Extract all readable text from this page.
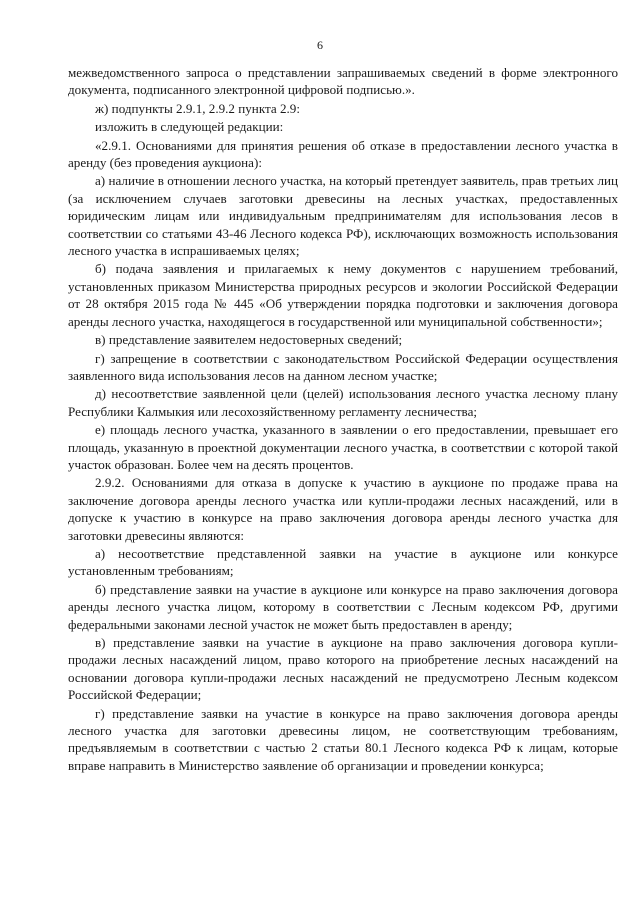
6

межведомственного запроса о представлении запрашиваемых сведений в форме электронного документа, подписанного электронной цифровой подписью.».

ж) подпункты 2.9.1, 2.9.2 пункта 2.9:

изложить в следующей редакции:

«2.9.1. Основаниями для принятия решения об отказе в предоставлении лесного участка в аренду (без проведения аукциона):

а) наличие в отношении лесного участка, на который претендует заявитель, прав третьих лиц (за исключением случаев заготовки древесины на лесных участках, предоставленных юридическим лицам или индивидуальным предпринимателям для использования лесов в соответствии со статьями 43-46 Лесного кодекса РФ), исключающих возможность использования лесного участка в испрашиваемых целях;

б) подача заявления и прилагаемых к нему документов с нарушением требований, установленных приказом Министерства природных ресурсов и экологии Российской Федерации от 28 октября 2015 года № 445 «Об утверждении порядка подготовки и заключения договора аренды лесного участка, находящегося в государственной или муниципальной собственности»;

в) представление заявителем недостоверных сведений;

г) запрещение в соответствии с законодательством Российской Федерации осуществления заявленного вида использования лесов на данном лесном участке;

д) несоответствие заявленной цели (целей) использования лесного участка лесному плану Республики Калмыкия или лесохозяйственному регламенту лесничества;

е) площадь лесного участка, указанного в заявлении о его предоставлении, превышает его площадь, указанную в проектной документации лесного участка, в соответствии с которой такой участок образован. Более чем на десять процентов.

2.9.2. Основаниями для отказа в допуске к участию в аукционе по продаже права на заключение договора аренды лесного участка или купли-продажи лесных насаждений, или в допуске к участию в конкурсе на право заключения договора аренды лесного участка для заготовки древесины являются:

а) несоответствие представленной заявки на участие в аукционе или конкурсе установленным требованиям;

б) представление заявки на участие в аукционе или конкурсе на право заключения договора аренды лесного участка лицом, которому в соответствии с Лесным кодексом РФ, другими федеральными законами лесной участок не может быть предоставлен в аренду;

в) представление заявки на участие в аукционе на право заключения договора купли-продажи лесных насаждений лицом, право которого на приобретение лесных насаждений на основании договора купли-продажи лесных насаждений не предусмотрено Лесным кодексом Российской Федерации;

г) представление заявки на участие в конкурсе на право заключения договора аренды лесного участка для заготовки древесины лицом, не соответствующим требованиям, предъявляемым в соответствии с частью 2 статьи 80.1 Лесного кодекса РФ к лицам, которые вправе направить в Министерство заявление об организации и проведении конкурса;
